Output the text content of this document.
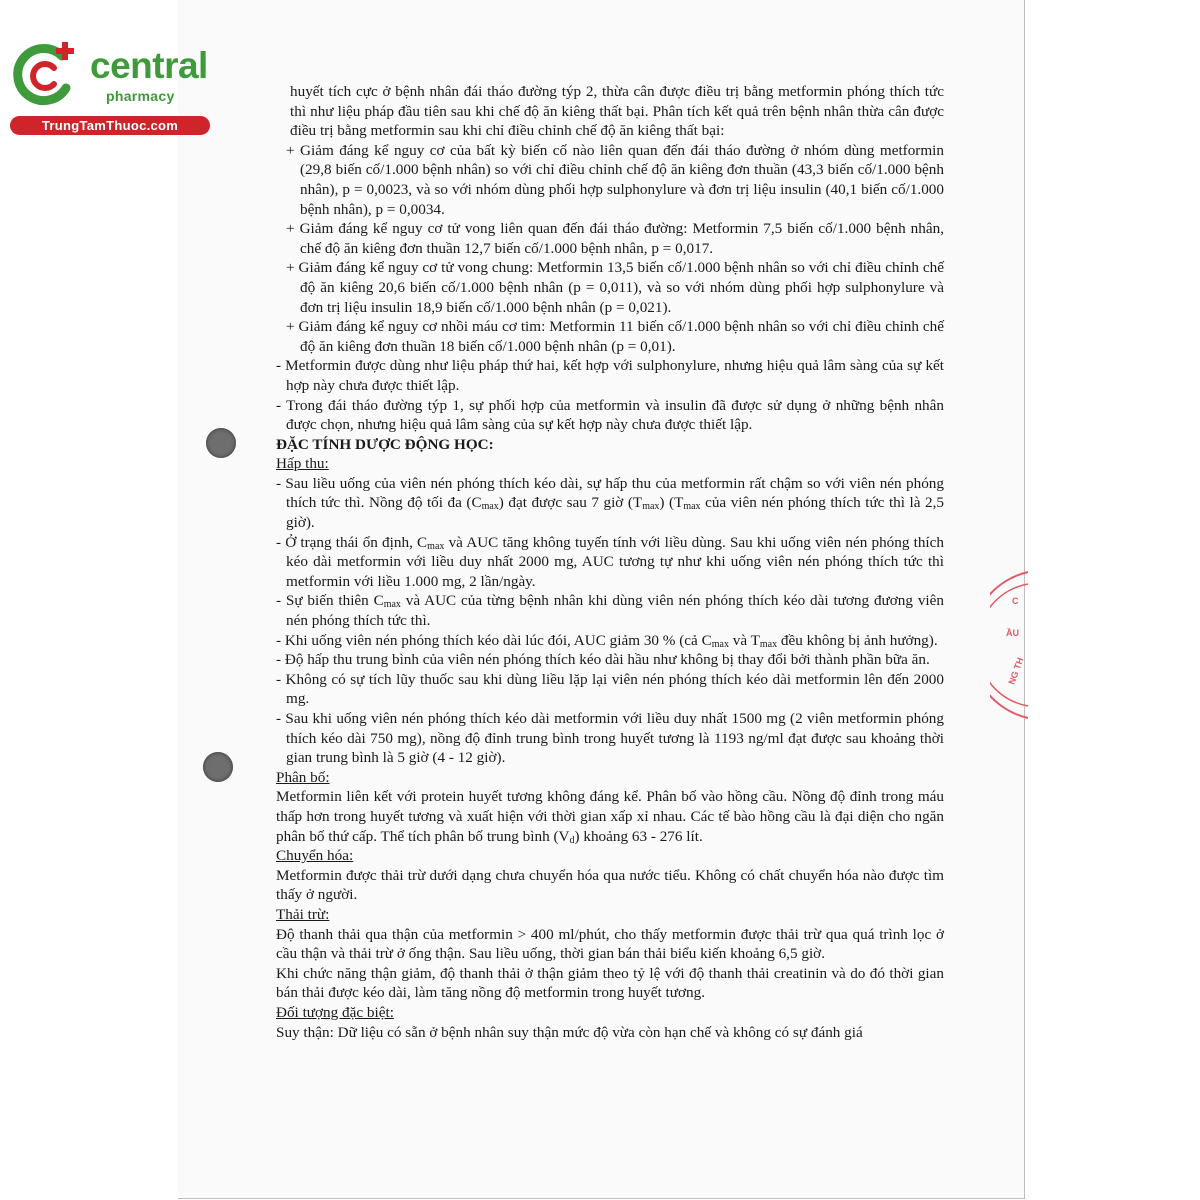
central
pharmacy
TrungTamThuoc.com
C
ẦU
NG TH

huyết tích cực ở bệnh nhân đái tháo đường týp 2, thừa cân được điều trị bằng metformin phóng thích tức thì như liệu pháp đầu tiên sau khi chế độ ăn kiêng thất bại. Phân tích kết quả trên bệnh nhân thừa cân được điều trị bằng metformin sau khi chỉ điều chỉnh chế độ ăn kiêng thất bại:

+ Giảm đáng kể nguy cơ của bất kỳ biến cố nào liên quan đến đái tháo đường ở nhóm dùng metformin (29,8 biến cố/1.000 bệnh nhân) so với chỉ điều chỉnh chế độ ăn kiêng đơn thuần (43,3 biến cố/1.000 bệnh nhân), p = 0,0023, và so với nhóm dùng phối hợp sulphonylure và đơn trị liệu insulin (40,1 biến cố/1.000 bệnh nhân), p = 0,0034.

+ Giảm đáng kể nguy cơ tử vong liên quan đến đái tháo đường: Metformin 7,5 biến cố/1.000 bệnh nhân, chế độ ăn kiêng đơn thuần 12,7 biến cố/1.000 bệnh nhân, p = 0,017.

+ Giảm đáng kể nguy cơ tử vong chung: Metformin 13,5 biến cố/1.000 bệnh nhân so với chỉ điều chỉnh chế độ ăn kiêng 20,6 biến cố/1.000 bệnh nhân (p = 0,011), và so với nhóm dùng phối hợp sulphonylure và đơn trị liệu insulin 18,9 biến cố/1.000 bệnh nhân (p = 0,021).

+ Giảm đáng kể nguy cơ nhồi máu cơ tim: Metformin 11 biến cố/1.000 bệnh nhân so với chỉ điều chỉnh chế độ ăn kiêng đơn thuần 18 biến cố/1.000 bệnh nhân (p = 0,01).

- Metformin được dùng như liệu pháp thứ hai, kết hợp với sulphonylure, nhưng hiệu quả lâm sàng của sự kết hợp này chưa được thiết lập.

- Trong đái tháo đường týp 1, sự phối hợp của metformin và insulin đã được sử dụng ở những bệnh nhân được chọn, nhưng hiệu quả lâm sàng của sự kết hợp này chưa được thiết lập.

ĐẶC TÍNH DƯỢC ĐỘNG HỌC:

Hấp thu:

- Sau liều uống của viên nén phóng thích kéo dài, sự hấp thu của metformin rất chậm so với viên nén phóng thích tức thì. Nồng độ tối đa $(C_{max})$ đạt được sau 7 giờ $(T_{max})$ ($T_{max}$ của viên nén phóng thích tức thì là 2,5 giờ).

- Ở trạng thái ổn định, $C_{max}$ và AUC tăng không tuyến tính với liều dùng. Sau khi uống viên nén phóng thích kéo dài metformin với liều duy nhất 2000 mg, AUC tương tự như khi uống viên nén phóng thích tức thì metformin với liều 1.000 mg, 2 lần/ngày.

- Sự biến thiên $C_{max}$ và AUC của từng bệnh nhân khi dùng viên nén phóng thích kéo dài tương đương viên nén phóng thích tức thì.

- Khi uống viên nén phóng thích kéo dài lúc đói, AUC giảm 30 % (cả $C_{max}$ và $T_{max}$ đều không bị ảnh hưởng).

- Độ hấp thu trung bình của viên nén phóng thích kéo dài hầu như không bị thay đổi bởi thành phần bữa ăn.

- Không có sự tích lũy thuốc sau khi dùng liều lặp lại viên nén phóng thích kéo dài metformin lên đến 2000 mg.

- Sau khi uống viên nén phóng thích kéo dài metformin với liều duy nhất 1500 mg (2 viên metformin phóng thích kéo dài 750 mg), nồng độ đỉnh trung bình trong huyết tương là 1193 ng/ml đạt được sau khoảng thời gian trung bình là 5 giờ (4 - 12 giờ).

Phân bố:

Metformin liên kết với protein huyết tương không đáng kể. Phân bố vào hồng cầu. Nồng độ đỉnh trong máu thấp hơn trong huyết tương và xuất hiện với thời gian xấp xỉ nhau. Các tế bào hồng cầu là đại diện cho ngăn phân bố thứ cấp. Thể tích phân bố trung bình $(V_d)$ khoảng 63 - 276 lít.

Chuyển hóa:

Metformin được thải trừ dưới dạng chưa chuyển hóa qua nước tiểu. Không có chất chuyển hóa nào được tìm thấy ở người.

Thải trừ:

Độ thanh thải qua thận của metformin > 400 ml/phút, cho thấy metformin được thải trừ qua quá trình lọc ở cầu thận và thải trừ ở ống thận. Sau liều uống, thời gian bán thải biểu kiến khoảng 6,5 giờ.

Khi chức năng thận giảm, độ thanh thải ở thận giảm theo tỷ lệ với độ thanh thải creatinin và do đó thời gian bán thải được kéo dài, làm tăng nồng độ metformin trong huyết tương.

Đối tượng đặc biệt:

Suy thận: Dữ liệu có sẵn ở bệnh nhân suy thận mức độ vừa còn hạn chế và không có sự đánh giá
